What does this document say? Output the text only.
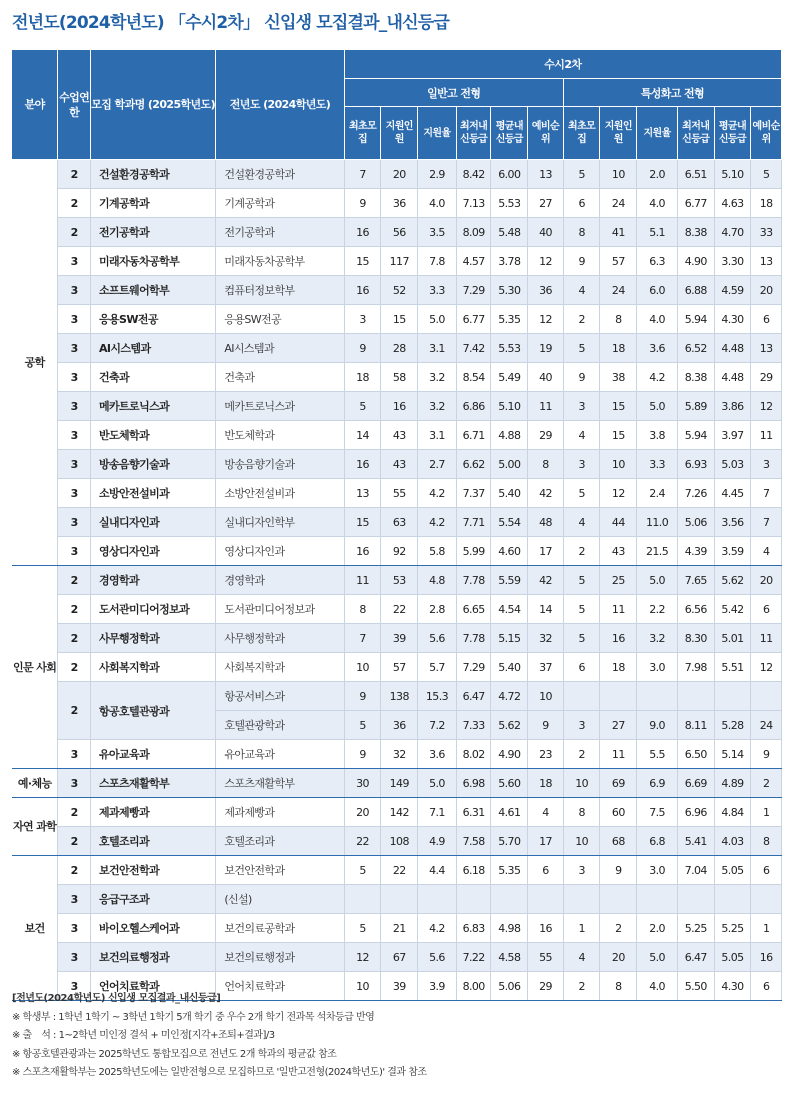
전년도(2024학년도) 「수시2차」 신입생 모집결과_내신등급
분야	수업연한	모집 학과명 (2025학년도)	전년도 (2024학년도)	수시2차											
				일반고 전형						특성화고 전형					
				최초모집	지원인원	지원율	최저내신등급	평균내신등급	예비순위	최초모집	지원인원	지원율	최저내신등급	평균내신등급	예비순위
공학	2	건설환경공학과	건설환경공학과	7	20	2.9	8.42	6.00	13	5	10	2.0	6.51	5.10	5
	2	기계공학과	기계공학과	9	36	4.0	7.13	5.53	27	6	24	4.0	6.77	4.63	18
	2	전기공학과	전기공학과	16	56	3.5	8.09	5.48	40	8	41	5.1	8.38	4.70	33
	3	미래자동차공학부	미래자동차공학부	15	117	7.8	4.57	3.78	12	9	57	6.3	4.90	3.30	13
	3	소프트웨어학부	컴퓨터정보학부	16	52	3.3	7.29	5.30	36	4	24	6.0	6.88	4.59	20
	3	응용SW전공	응용SW전공	3	15	5.0	6.77	5.35	12	2	8	4.0	5.94	4.30	6
	3	AI시스템과	AI시스템과	9	28	3.1	7.42	5.53	19	5	18	3.6	6.52	4.48	13
	3	건축과	건축과	18	58	3.2	8.54	5.49	40	9	38	4.2	8.38	4.48	29
	3	메카트로닉스과	메카트로닉스과	5	16	3.2	6.86	5.10	11	3	15	5.0	5.89	3.86	12
	3	반도체학과	반도체학과	14	43	3.1	6.71	4.88	29	4	15	3.8	5.94	3.97	11
	3	방송음향기술과	방송음향기술과	16	43	2.7	6.62	5.00	8	3	10	3.3	6.93	5.03	3
	3	소방안전설비과	소방안전설비과	13	55	4.2	7.37	5.40	42	5	12	2.4	7.26	4.45	7
	3	실내디자인과	실내디자인학부	15	63	4.2	7.71	5.54	48	4	44	11.0	5.06	3.56	7
	3	영상디자인과	영상디자인과	16	92	5.8	5.99	4.60	17	2	43	21.5	4.39	3.59	4
인문 사회	2	경영학과	경영학과	11	53	4.8	7.78	5.59	42	5	25	5.0	7.65	5.62	20
	2	도서관미디어정보과	도서관미디어정보과	8	22	2.8	6.65	4.54	14	5	11	2.2	6.56	5.42	6
	2	사무행정학과	사무행정학과	7	39	5.6	7.78	5.15	32	5	16	3.2	8.30	5.01	11
	2	사회복지학과	사회복지학과	10	57	5.7	7.29	5.40	37	6	18	3.0	7.98	5.51	12
	2	항공호텔관광과	항공서비스과	9	138	15.3	6.47	4.72	10						
			호텔관광학과	5	36	7.2	7.33	5.62	9	3	27	9.0	8.11	5.28	24
	3	유아교육과	유아교육과	9	32	3.6	8.02	4.90	23	2	11	5.5	6.50	5.14	9
예·체능	3	스포츠재활학부	스포츠재활학부	30	149	5.0	6.98	5.60	18	10	69	6.9	6.69	4.89	2
자연 과학	2	제과제빵과	제과제빵과	20	142	7.1	6.31	4.61	4	8	60	7.5	6.96	4.84	1
	2	호텔조리과	호텔조리과	22	108	4.9	7.58	5.70	17	10	68	6.8	5.41	4.03	8
보건	2	보건안전학과	보건안전학과	5	22	4.4	6.18	5.35	6	3	9	3.0	7.04	5.05	6
	3	응급구조과	(신설)												
	3	바이오헬스케어과	보건의료공학과	5	21	4.2	6.83	4.98	16	1	2	2.0	5.25	5.25	1
	3	보건의료행정과	보건의료행정과	12	67	5.6	7.22	4.58	55	4	20	5.0	6.47	5.05	16
	3	언어치료학과	언어치료학과	10	39	3.9	8.00	5.06	29	2	8	4.0	5.50	4.30	6
[전년도(2024학년도) 신입생 모집결과_내신등급]
※ 학생부 : 1학년 1학기 ~ 3학년 1학기 5개 학기 중 우수 2개 학기 전과목 석차등급 반영
※ 출　석 : 1~2학년 미인정 결석 + 미인정[지각+조퇴+결과]/3
※ 항공호텔관광과는 2025학년도 통합모집으로 전년도 2개 학과의 평균값 참조
※ 스포츠재활학부는 2025학년도에는 일반전형으로 모집하므로 '일반고전형(2024학년도)' 결과 참조
